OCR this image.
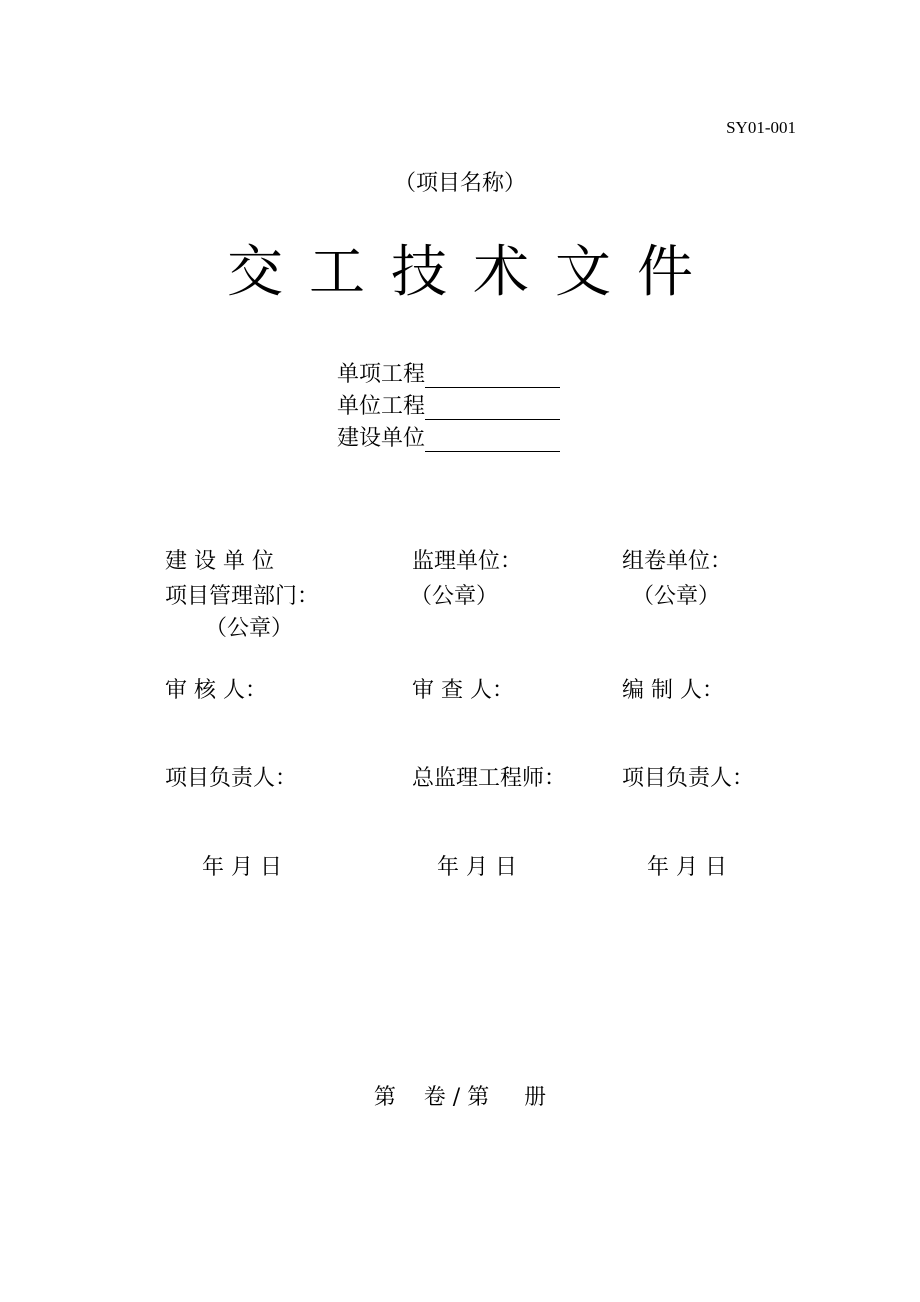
SY01-001
（项目名称）
交工技术文件
单项工程
单位工程
建设单位
建 设 单 位
项目管理部门：
（公章）
审 核 人：
项目负责人：
年 月 日
监理单位：
（公章）
审 查 人：
总监理工程师：
年 月 日
组卷单位：
（公章）
编 制 人：
项目负责人：
年 月 日
第    卷 / 第     册
